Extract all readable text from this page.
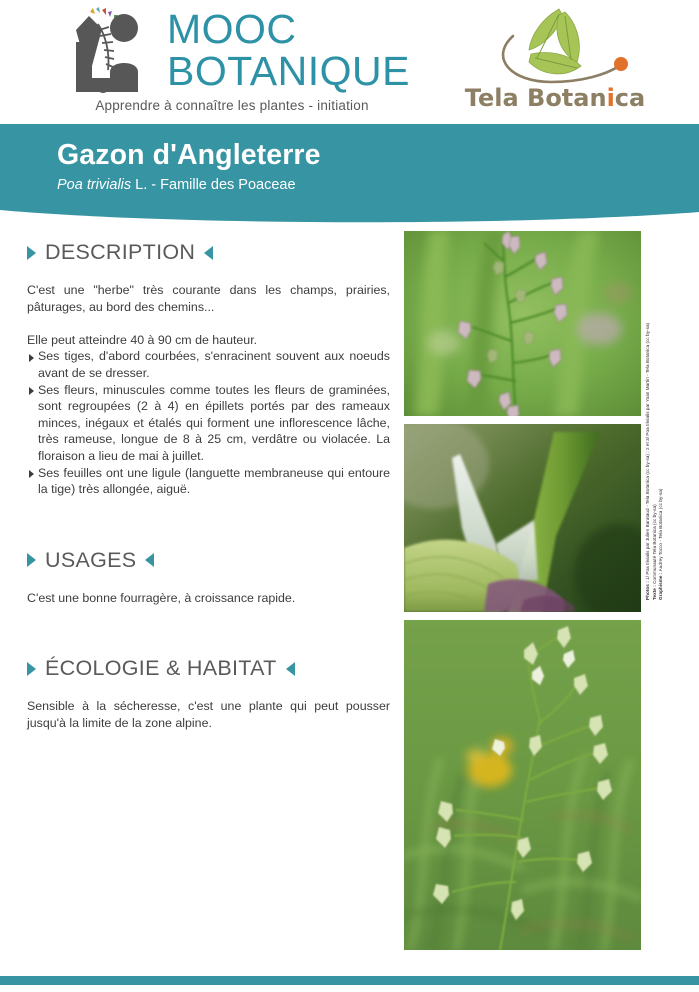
MOOC
BOTANIQUE
Apprendre à connaître les plantes - initiation	Tela Botanica
Gazon d'Angleterre
Poa trivialis L. - Famille des Poaceae
DESCRIPTION

C'est une "herbe" très courante dans les champs, prairies, pâturages, au bord des chemins...

Elle peut atteindre 40 à 90 cm de hauteur.

Ses tiges, d'abord courbées, s'enracinent souvent aux noeuds avant de se dresser.

Ses fleurs, minuscules comme toutes les fleurs de graminées, sont regroupées (2 à 4) en épillets portés par des rameaux minces, inégaux et étalés qui forment une inflorescence lâche, très rameuse, longue de 8 à 25 cm, verdâtre ou violacée. La floraison a lieu de mai à juillet.

Ses feuilles ont une ligule (languette membraneuse qui entoure la tige) très allongée, aiguë.

USAGES

C'est une bonne fourragère, à croissance rapide.

ÉCOLOGIE & HABITAT

Sensible à la sécheresse, c'est une plante qui peut pousser jusqu'à la limite de la zone alpine.

Photos : 1/ Poa trivialis par Julien Barataud - Tela Botanica (cc by-sa) ; 2 et 3/ Poa trivialis par Yoan Martin - Tela Botanica (cc by-sa)
Texte : Communauté Tela Botanica (cc by-sa)
Graphisme : Audrey Tocco - Tela Botanica (cc by-sa)
